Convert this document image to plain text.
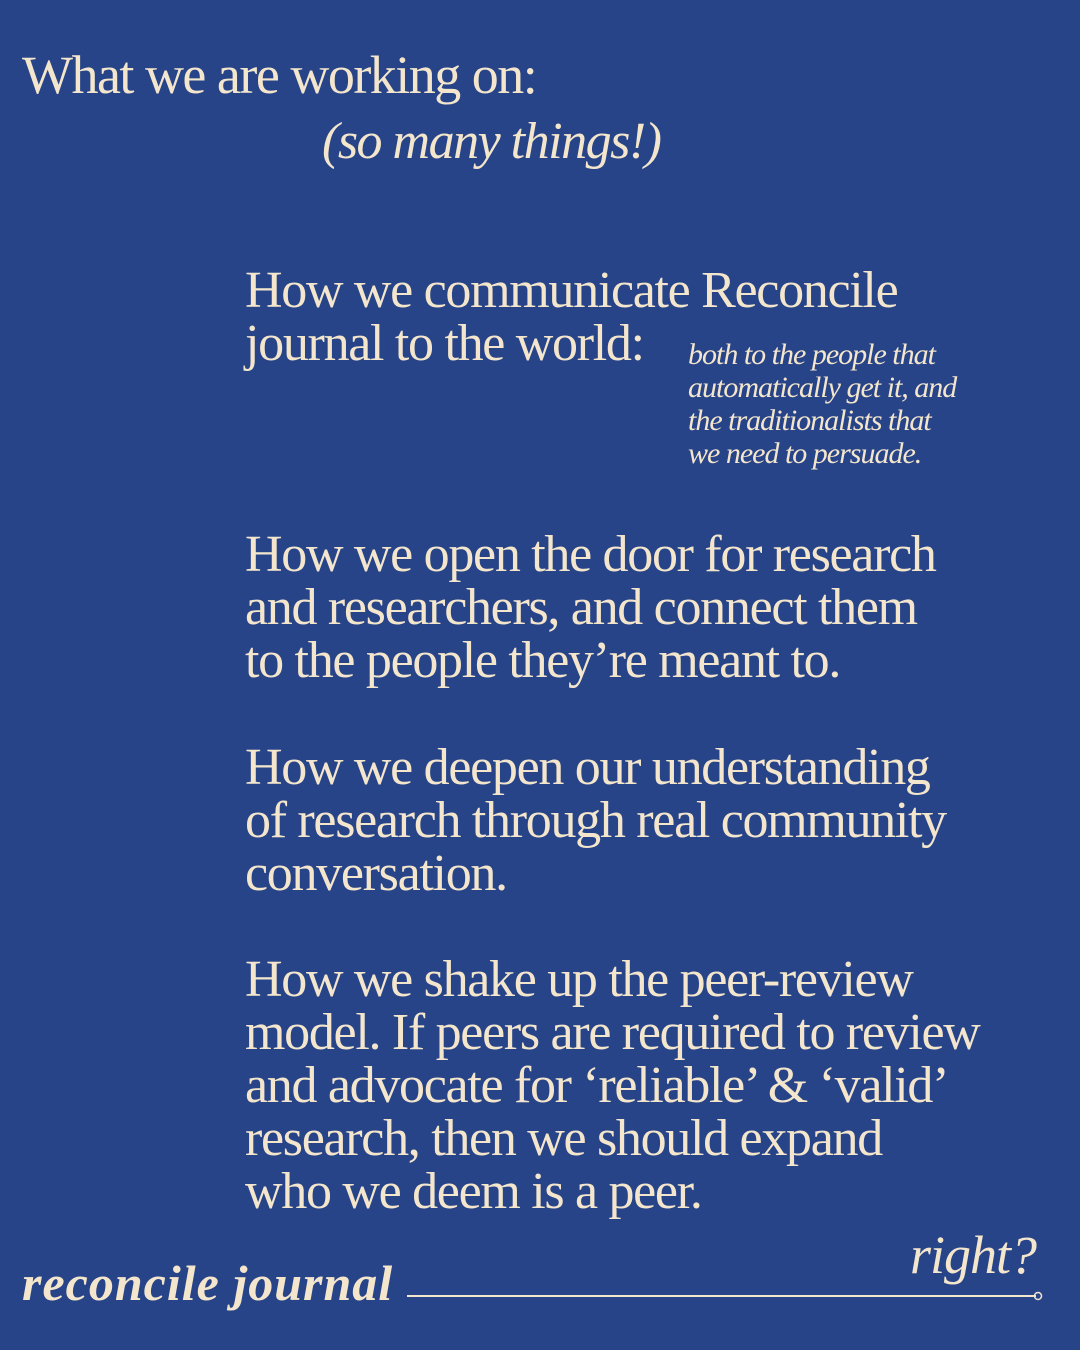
What we are working on:
(so many things!)
How we communicate Reconcile
journal to the world:	both to the people that
automatically get it, and
the traditionalists that
we need to persuade.
How we open the door for research
and researchers, and connect them
to the people they’re meant to.
How we deepen our understanding
of research through real community
conversation.
How we shake up the peer-review
model. If peers are required to review
and advocate for ‘reliable’ & ‘valid’
research, then we should expand
who we deem is a peer.
right?
reconcile journal
